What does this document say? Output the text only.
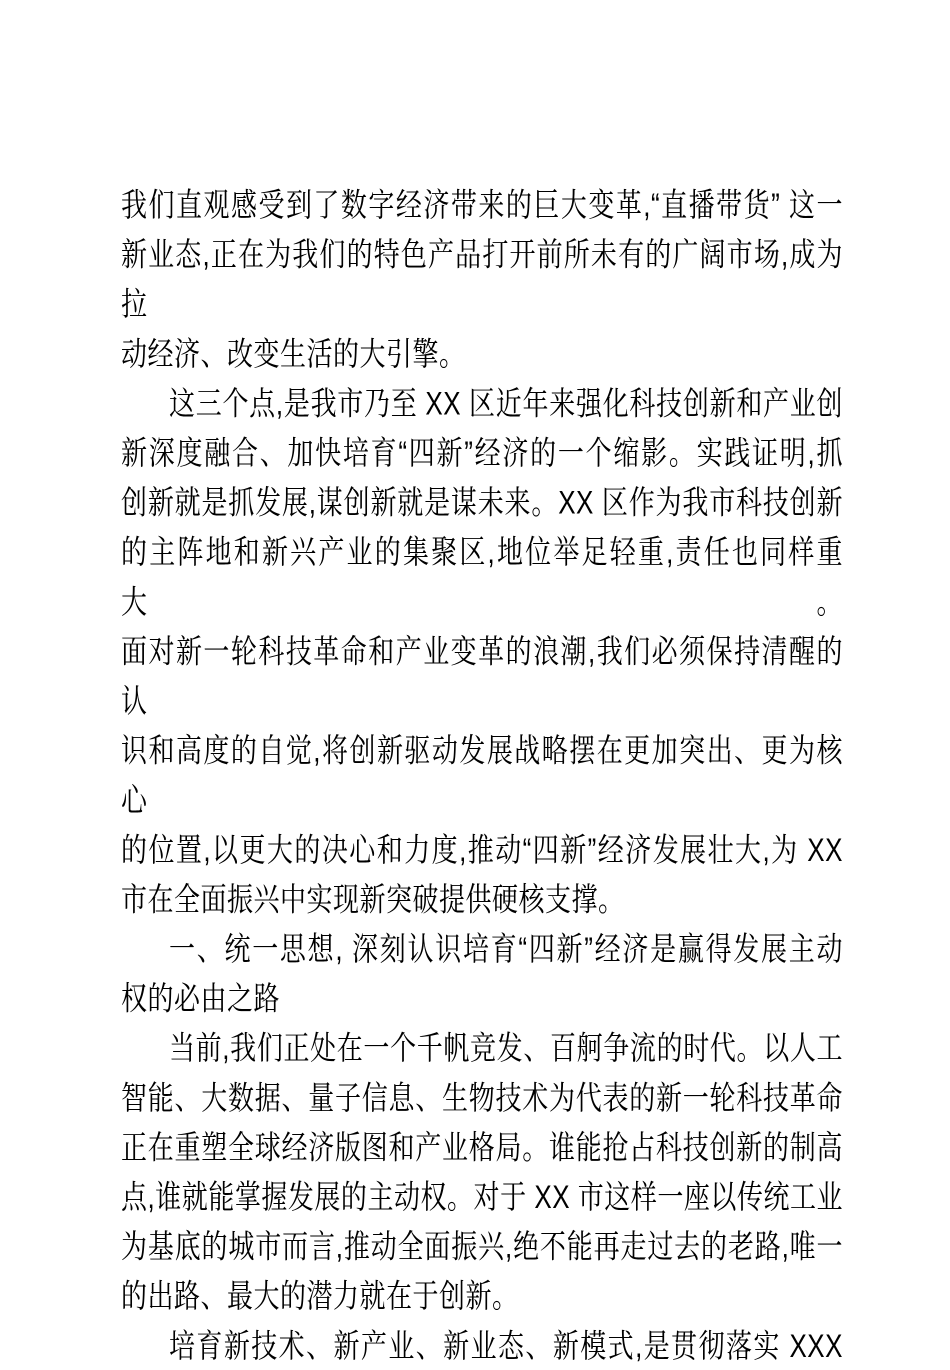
我们直观感受到了数字经济带来的巨大变革,“直播带货” 这一
新业态,正在为我们的特色产品打开前所未有的广阔市场,成为拉
动经济、改变生活的大引擎。
这三个点,是我市乃至 XX 区近年来强化科技创新和产业创
新深度融合、加快培育“四新”经济的一个缩影。实践证明,抓
创新就是抓发展,谋创新就是谋未来。XX 区作为我市科技创新
的主阵地和新兴产业的集聚区,地位举足轻重,责任也同样重大。
面对新一轮科技革命和产业变革的浪潮,我们必须保持清醒的认
识和高度的自觉,将创新驱动发展战略摆在更加突出、更为核心
的位置,以更大的决心和力度,推动“四新”经济发展壮大,为 XX
市在全面振兴中实现新突破提供硬核支撑。
一、统一思想, 深刻认识培育“四新”经济是赢得发展主动
权的必由之路
当前,我们正处在一个千帆竞发、百舸争流的时代。以人工
智能、大数据、量子信息、生物技术为代表的新一轮科技革命
正在重塑全球经济版图和产业格局。谁能抢占科技创新的制高
点,谁就能掌握发展的主动权。对于 XX 市这样一座以传统工业
为基底的城市而言,推动全面振兴,绝不能再走过去的老路,唯一
的出路、最大的潜力就在于创新。
培育新技术、新产业、新业态、新模式,是贯彻落实 XXX
